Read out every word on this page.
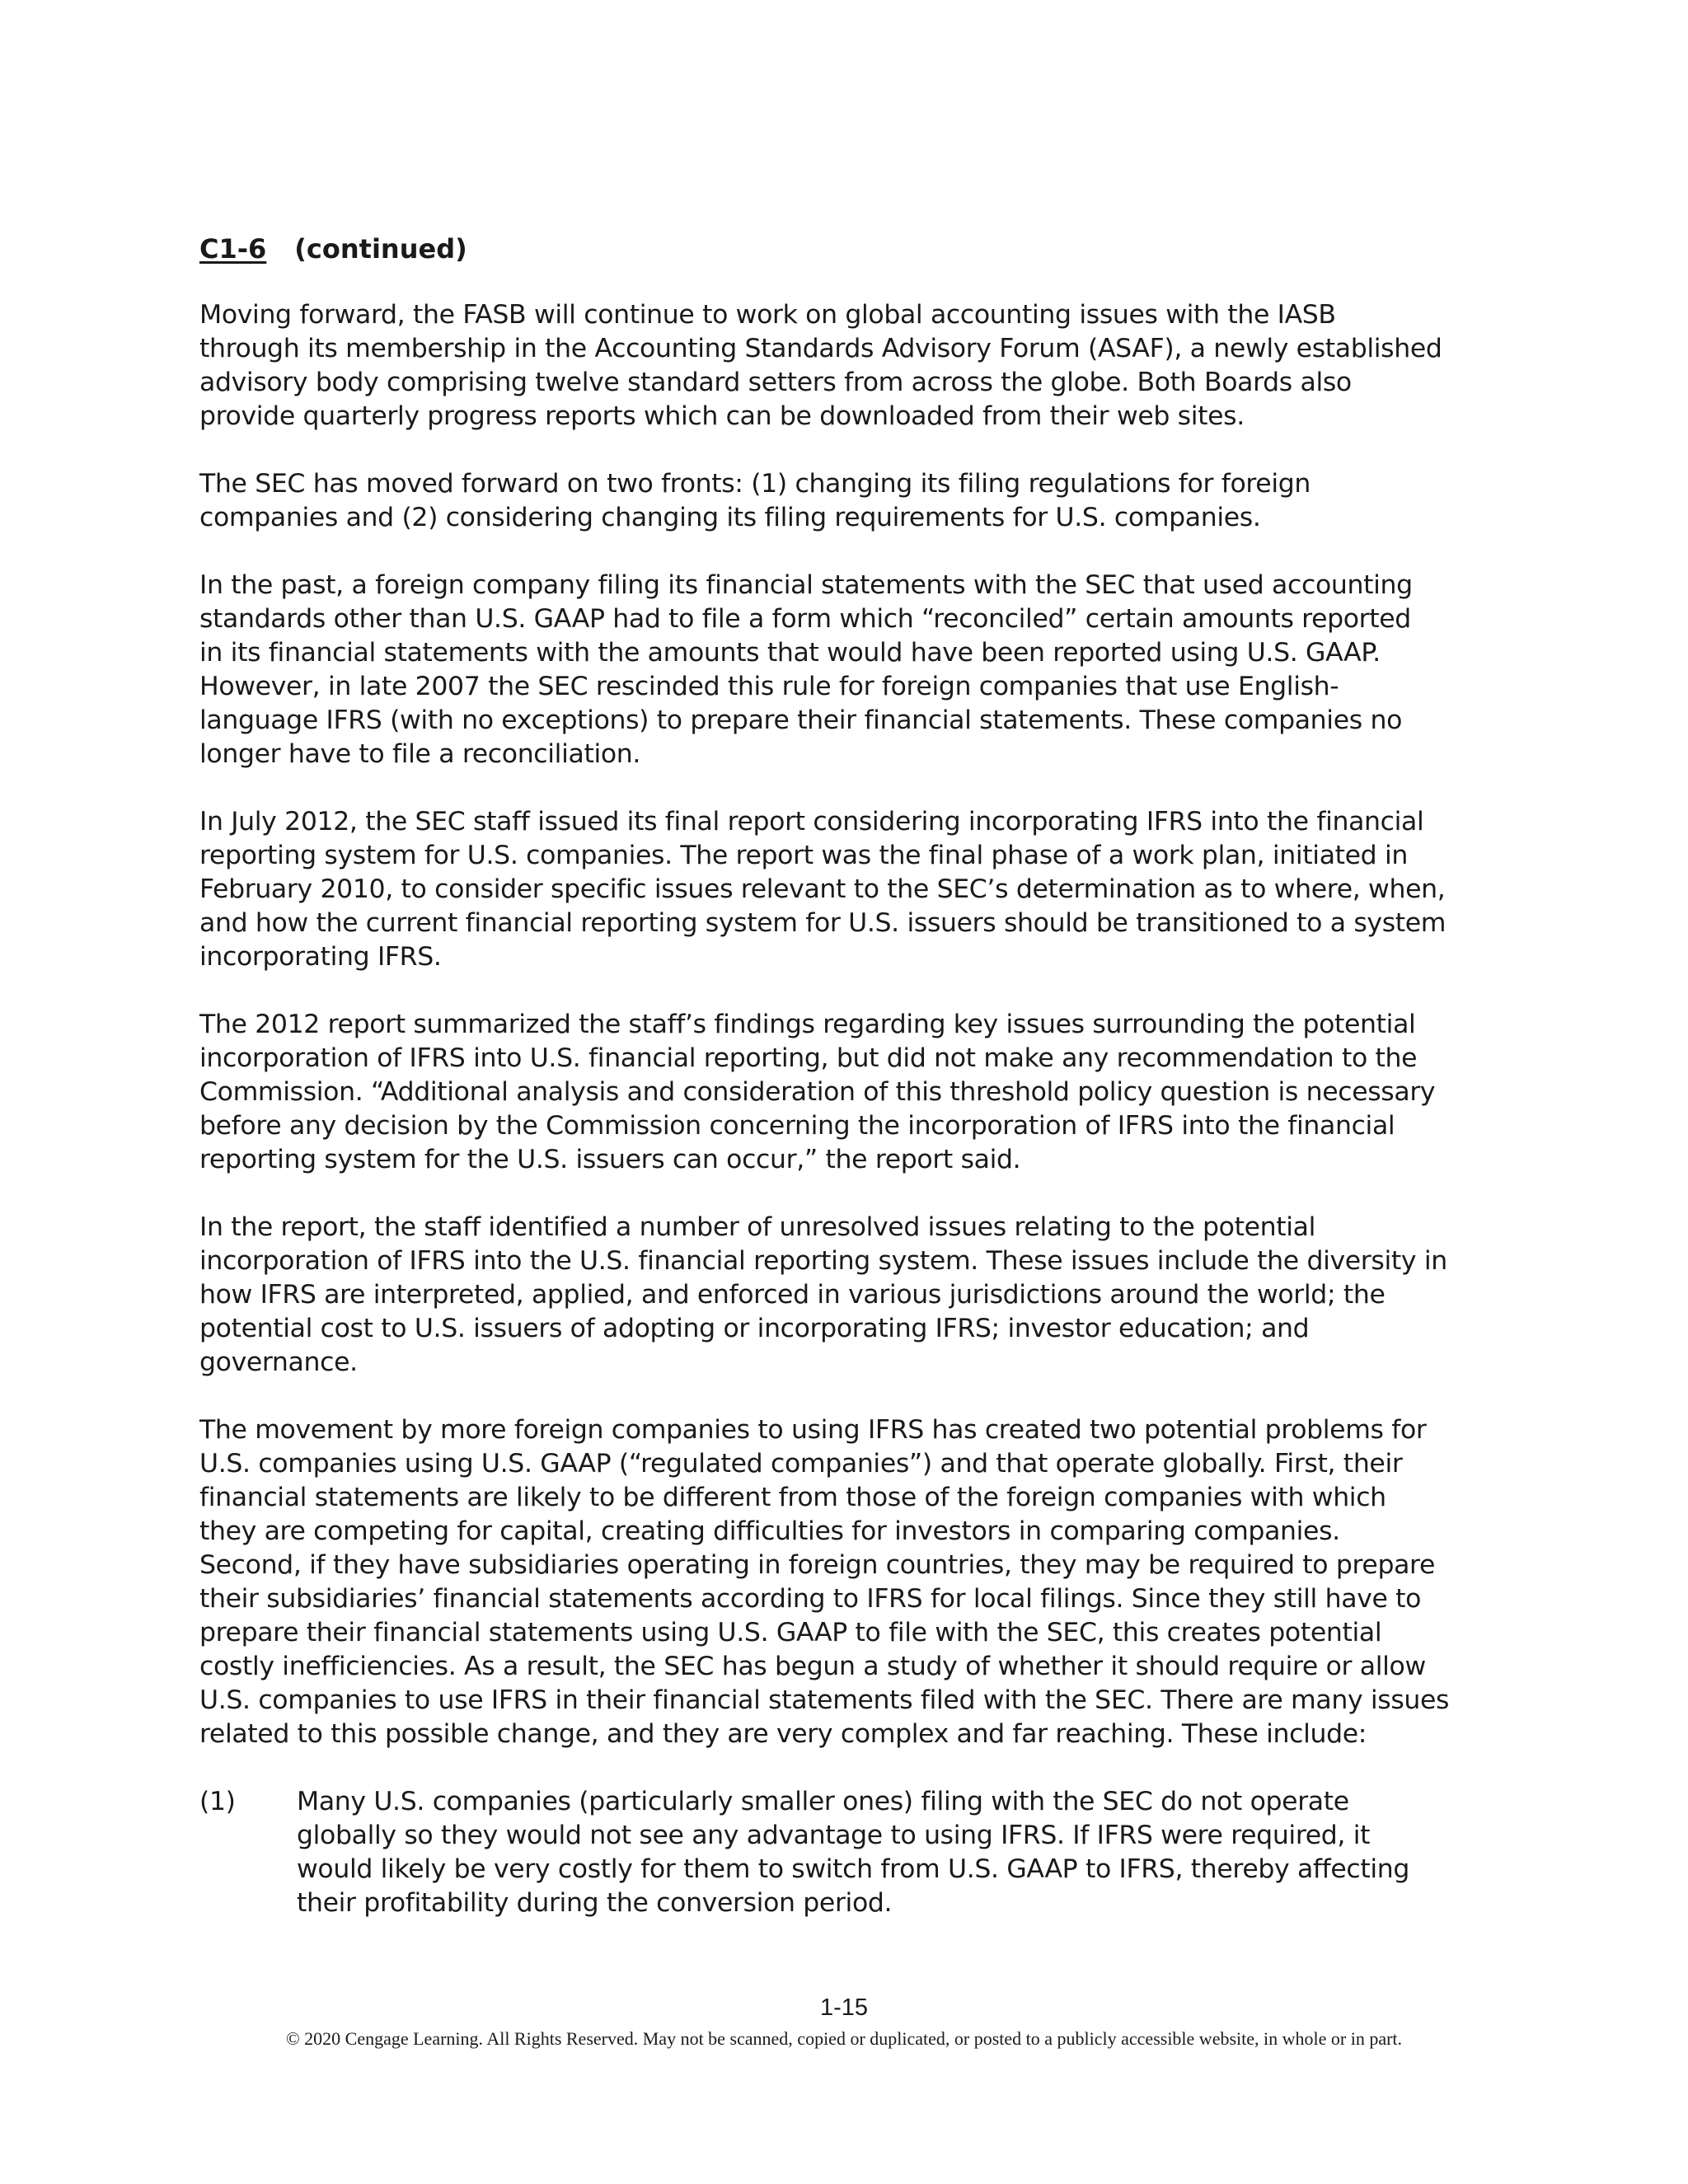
C1-6 (continued)
Moving forward, the FASB will continue to work on global accounting issues with the IASB
through its membership in the Accounting Standards Advisory Forum (ASAF), a newly established
advisory body comprising twelve standard setters from across the globe. Both Boards also
provide quarterly progress reports which can be downloaded from their web sites.
The SEC has moved forward on two fronts: (1) changing its filing regulations for foreign
companies and (2) considering changing its filing requirements for U.S. companies.
In the past, a foreign company filing its financial statements with the SEC that used accounting
standards other than U.S. GAAP had to file a form which “reconciled” certain amounts reported
in its financial statements with the amounts that would have been reported using U.S. GAAP.
However, in late 2007 the SEC rescinded this rule for foreign companies that use English-
language IFRS (with no exceptions) to prepare their financial statements. These companies no
longer have to file a reconciliation.
In July 2012, the SEC staff issued its final report considering incorporating IFRS into the financial
reporting system for U.S. companies. The report was the final phase of a work plan, initiated in
February 2010, to consider specific issues relevant to the SEC’s determination as to where, when,
and how the current financial reporting system for U.S. issuers should be transitioned to a system
incorporating IFRS.
The 2012 report summarized the staff’s findings regarding key issues surrounding the potential
incorporation of IFRS into U.S. financial reporting, but did not make any recommendation to the
Commission. “Additional analysis and consideration of this threshold policy question is necessary
before any decision by the Commission concerning the incorporation of IFRS into the financial
reporting system for the U.S. issuers can occur,” the report said.
In the report, the staff identified a number of unresolved issues relating to the potential
incorporation of IFRS into the U.S. financial reporting system. These issues include the diversity in
how IFRS are interpreted, applied, and enforced in various jurisdictions around the world; the
potential cost to U.S. issuers of adopting or incorporating IFRS; investor education; and
governance.
The movement by more foreign companies to using IFRS has created two potential problems for
U.S. companies using U.S. GAAP (“regulated companies”) and that operate globally. First, their
financial statements are likely to be different from those of the foreign companies with which
they are competing for capital, creating difficulties for investors in comparing companies.
Second, if they have subsidiaries operating in foreign countries, they may be required to prepare
their subsidiaries’ financial statements according to IFRS for local filings. Since they still have to
prepare their financial statements using U.S. GAAP to file with the SEC, this creates potential
costly inefficiencies. As a result, the SEC has begun a study of whether it should require or allow
U.S. companies to use IFRS in their financial statements filed with the SEC. There are many issues
related to this possible change, and they are very complex and far reaching. These include:
(1) Many U.S. companies (particularly smaller ones) filing with the SEC do not operate
globally so they would not see any advantage to using IFRS. If IFRS were required, it
would likely be very costly for them to switch from U.S. GAAP to IFRS, thereby affecting
their profitability during the conversion period.
1-15
© 2020 Cengage Learning. All Rights Reserved. May not be scanned, copied or duplicated, or posted to a publicly accessible website, in whole or in part.
